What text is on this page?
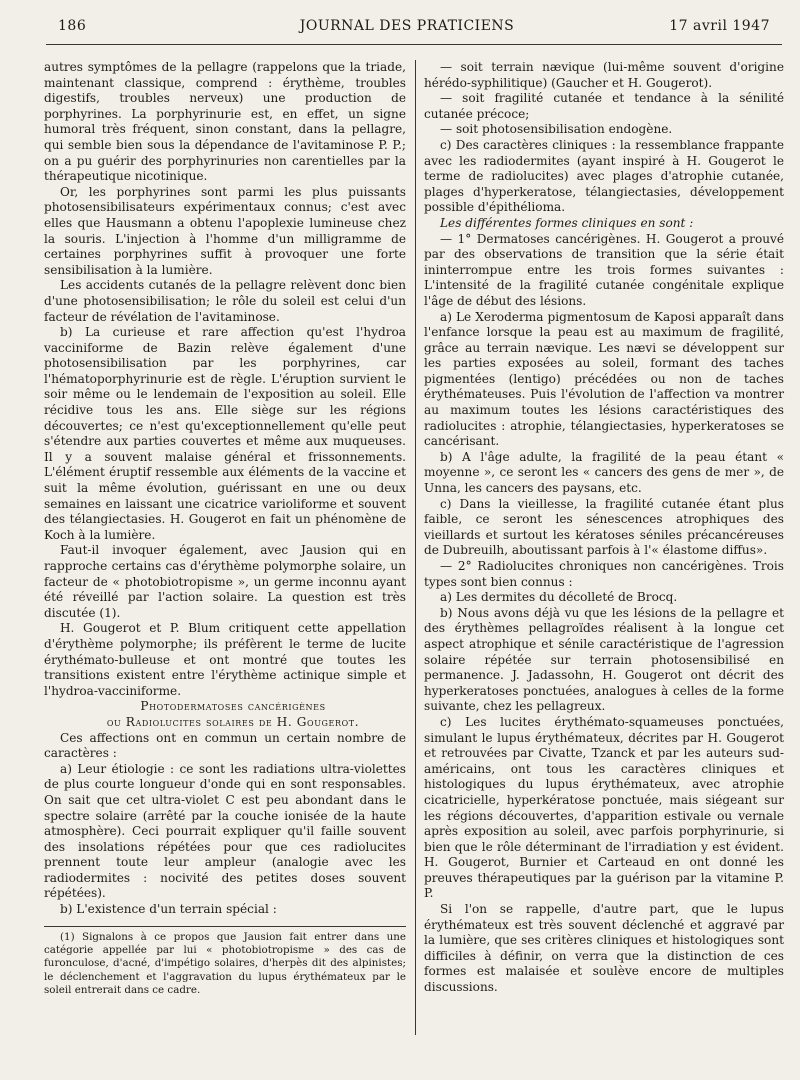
186	JOURNAL DES PRATICIENS	17 avril 1947

autres symptômes de la pellagre (rappelons que la triade, maintenant classique, comprend : érythème, troubles digestifs, troubles nerveux) une production de porphyrines. La porphyrinurie est, en effet, un signe humoral très fréquent, sinon constant, dans la pellagre, qui semble bien sous la dépendance de l'avitaminose P. P.; on a pu guérir des porphyrinuries non carentielles par la thérapeutique nicotinique.

Or, les porphyrines sont parmi les plus puissants photosensibilisateurs expérimentaux connus; c'est avec elles que Hausmann a obtenu l'apoplexie lumineuse chez la souris. L'injection à l'homme d'un milligramme de certaines porphyrines suffit à provoquer une forte sensibilisation à la lumière.

Les accidents cutanés de la pellagre relèvent donc bien d'une photosensibilisation; le rôle du soleil est celui d'un facteur de révélation de l'avitaminose.

b) La curieuse et rare affection qu'est l'hydroa vacciniforme de Bazin relève également d'une photosensibilisation par les porphyrines, car l'hématoporphyrinurie est de règle. L'éruption survient le soir même ou le lendemain de l'exposition au soleil. Elle récidive tous les ans. Elle siège sur les régions découvertes; ce n'est qu'exceptionnellement qu'elle peut s'étendre aux parties couvertes et même aux muqueuses. Il y a souvent malaise général et frissonnements. L'élément éruptif ressemble aux éléments de la vaccine et suit la même évolution, guérissant en une ou deux semaines en laissant une cicatrice varioliforme et souvent des télangiectasies. H. Gougerot en fait un phénomène de Koch à la lumière.

Faut-il invoquer également, avec Jausion qui en rapproche certains cas d'érythème polymorphe solaire, un facteur de « photobiotropisme », un germe inconnu ayant été réveillé par l'action solaire. La question est très discutée (1).

H. Gougerot et P. Blum critiquent cette appellation d'érythème polymorphe; ils préfèrent le terme de lucite érythémato-bulleuse et ont montré que toutes les transitions existent entre l'érythème actinique simple et l'hydroa-vacciniforme.

Photodermatoses cancérigènes

ou Radiolucites solaires de H. Gougerot.

Ces affections ont en commun un certain nombre de caractères :

a) Leur étiologie : ce sont les radiations ultra-violettes de plus courte longueur d'onde qui en sont responsables. On sait que cet ultra-violet C est peu abondant dans le spectre solaire (arrêté par la couche ionisée de la haute atmosphère). Ceci pourrait expliquer qu'il faille souvent des insolations répétées pour que ces radiolucites prennent toute leur ampleur (analogie avec les radiodermites : nocivité des petites doses souvent répétées).

b) L'existence d'un terrain spécial :

(1) Signalons à ce propos que Jausion fait entrer dans une catégorie appellée par lui « photobiotropisme » des cas de furonculose, d'acné, d'impétigo solaires, d'herpès dit des alpinistes; le déclenchement et l'aggravation du lupus érythémateux par le soleil entrerait dans ce cadre.

— soit terrain nævique (lui-même souvent d'origine hérédo-syphilitique) (Gaucher et H. Gougerot).

— soit fragilité cutanée et tendance à la sénilité cutanée précoce;

— soit photosensibilisation endogène.

c) Des caractères cliniques : la ressemblance frappante avec les radiodermites (ayant inspiré à H. Gougerot le terme de radiolucites) avec plages d'atrophie cutanée, plages d'hyperkeratose, télangiectasies, développement possible d'épithélioma.

Les différentes formes cliniques en sont :

— 1° Dermatoses cancérigènes. H. Gougerot a prouvé par des observations de transition que la série était ininterrompue entre les trois formes suivantes : L'intensité de la fragilité cutanée congénitale explique l'âge de début des lésions.

a) Le Xeroderma pigmentosum de Kaposi apparaît dans l'enfance lorsque la peau est au maximum de fragilité, grâce au terrain nævique. Les nævi se développent sur les parties exposées au soleil, formant des taches pigmentées (lentigo) précédées ou non de taches érythémateuses. Puis l'évolution de l'affection va montrer au maximum toutes les lésions caractéristiques des radiolucites : atrophie, télangiectasies, hyperkeratoses se cancérisant.

b) A l'âge adulte, la fragilité de la peau étant « moyenne », ce seront les « cancers des gens de mer », de Unna, les cancers des paysans, etc.

c) Dans la vieillesse, la fragilité cutanée étant plus faible, ce seront les sénescences atrophiques des vieillards et surtout les kératoses séniles précancéreuses de Dubreuilh, aboutissant parfois à l'« élastome diffus».

— 2° Radiolucites chroniques non cancérigènes. Trois types sont bien connus :

a) Les dermites du décolleté de Brocq.

b) Nous avons déjà vu que les lésions de la pellagre et des érythèmes pellagroïdes réalisent à la longue cet aspect atrophique et sénile caractéristique de l'agression solaire répétée sur terrain photosensibilisé en permanence. J. Jadassohn, H. Gougerot ont décrit des hyperkeratoses ponctuées, analogues à celles de la forme suivante, chez les pellagreux.

c) Les lucites érythémato-squameuses ponctuées, simulant le lupus érythémateux, décrites par H. Gougerot et retrouvées par Civatte, Tzanck et par les auteurs sud-américains, ont tous les caractères cliniques et histologiques du lupus érythémateux, avec atrophie cicatricielle, hyperkératose ponctuée, mais siégeant sur les régions découvertes, d'apparition estivale ou vernale après exposition au soleil, avec parfois porphyrinurie, si bien que le rôle déterminant de l'irradiation y est évident. H. Gougerot, Burnier et Carteaud en ont donné les preuves thérapeutiques par la guérison par la vitamine P. P.

Si l'on se rappelle, d'autre part, que le lupus érythémateux est très souvent déclenché et aggravé par la lumière, que ses critères cliniques et histologiques sont difficiles à définir, on verra que la distinction de ces formes est malaisée et soulève encore de multiples discussions.
